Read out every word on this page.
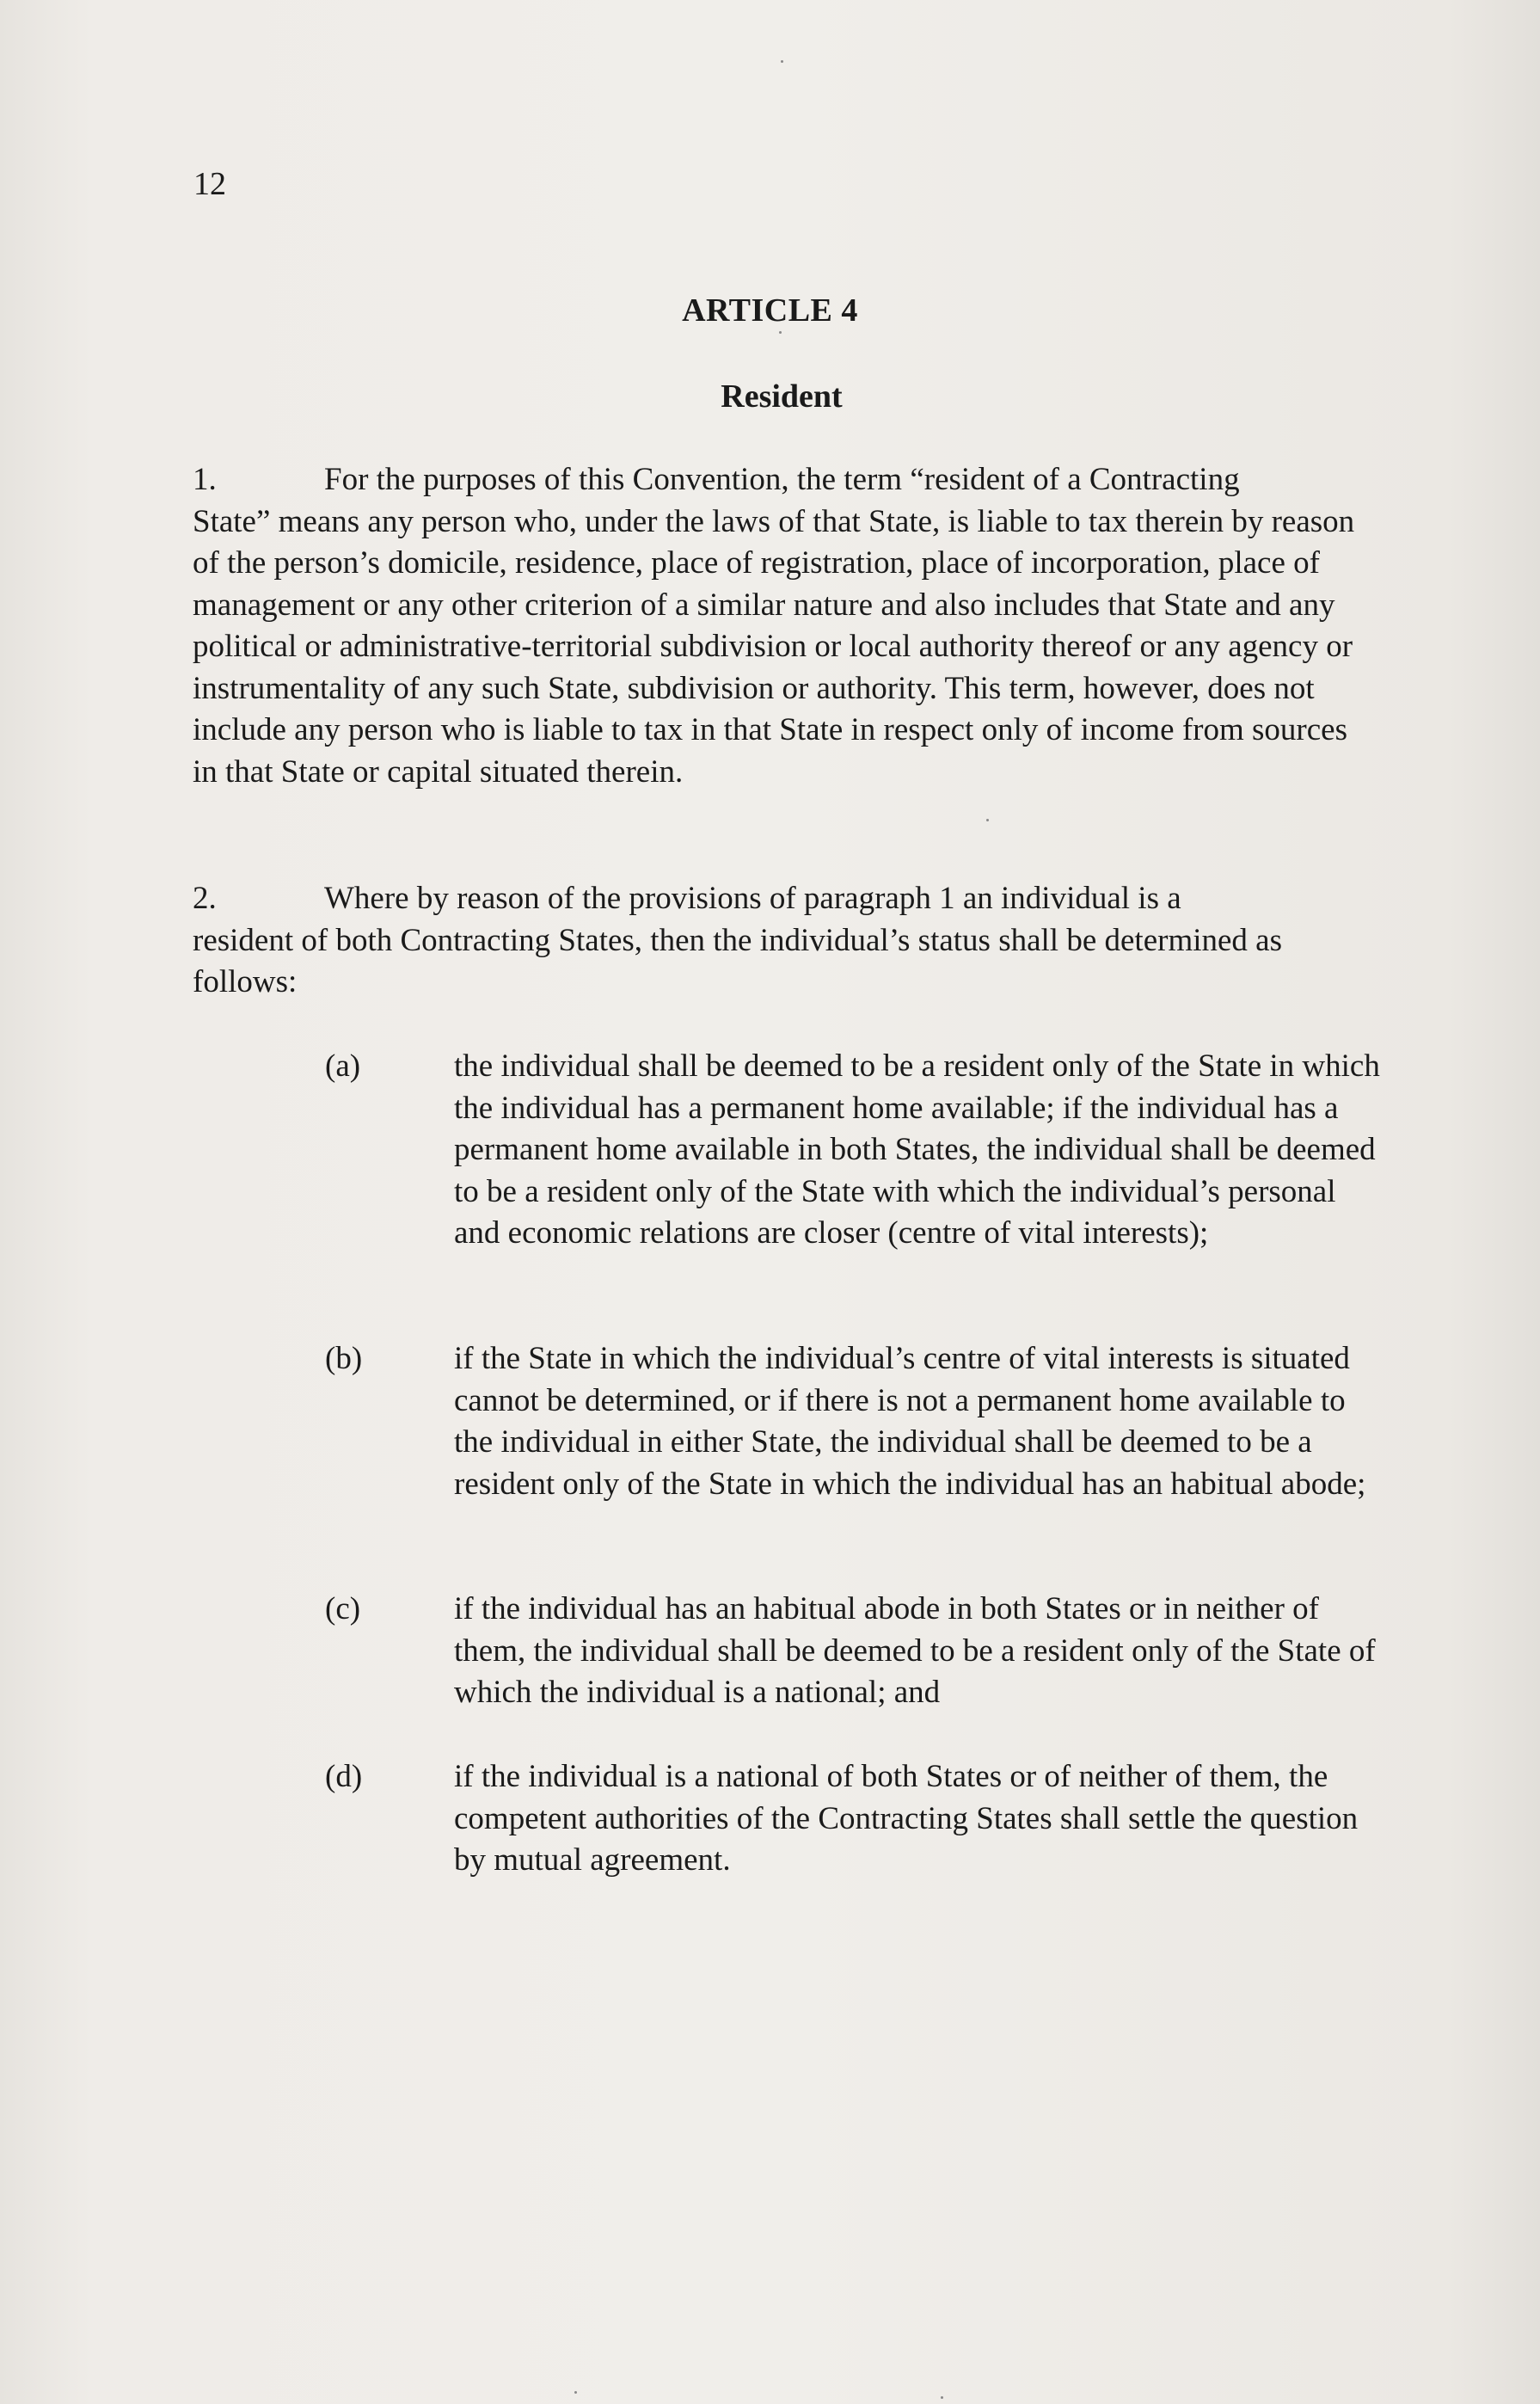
12
ARTICLE 4
Resident
1.	For the purposes of this Convention, the term “resident of a Contracting
State” means any person who, under the laws of that State, is liable to tax therein by reason of the person’s domicile, residence, place of registration, place of incorporation, place of management or any other criterion of a similar nature and also includes that State and any political or administrative-territorial subdivision or local authority thereof or any agency or instrumentality of any such State, subdivision or authority. This term, however, does not include any person who is liable to tax in that State in respect only of income from sources in that State or capital situated therein.
2.	Where by reason of the provisions of paragraph 1 an individual is a
resident of both Contracting States, then the individual’s status shall be determined as follows:
(a)	the individual shall be deemed to be a resident only of the State in which the individual has a permanent home available; if the individual has a permanent home available in both States, the individual shall be deemed to be a resident only of the State with which the individual’s personal and economic relations are closer (centre of vital interests);
(b)	if the State in which the individual’s centre of vital interests is situated cannot be determined, or if there is not a permanent home available to the individual in either State, the individual shall be deemed to be a resident only of the State in which the individual has an habitual abode;
(c)	if the individual has an habitual abode in both States or in neither of them, the individual shall be deemed to be a resident only of the State of which the individual is a national; and
(d)	if the individual is a national of both States or of neither of them, the competent authorities of the Contracting States shall settle the question by mutual agreement.
